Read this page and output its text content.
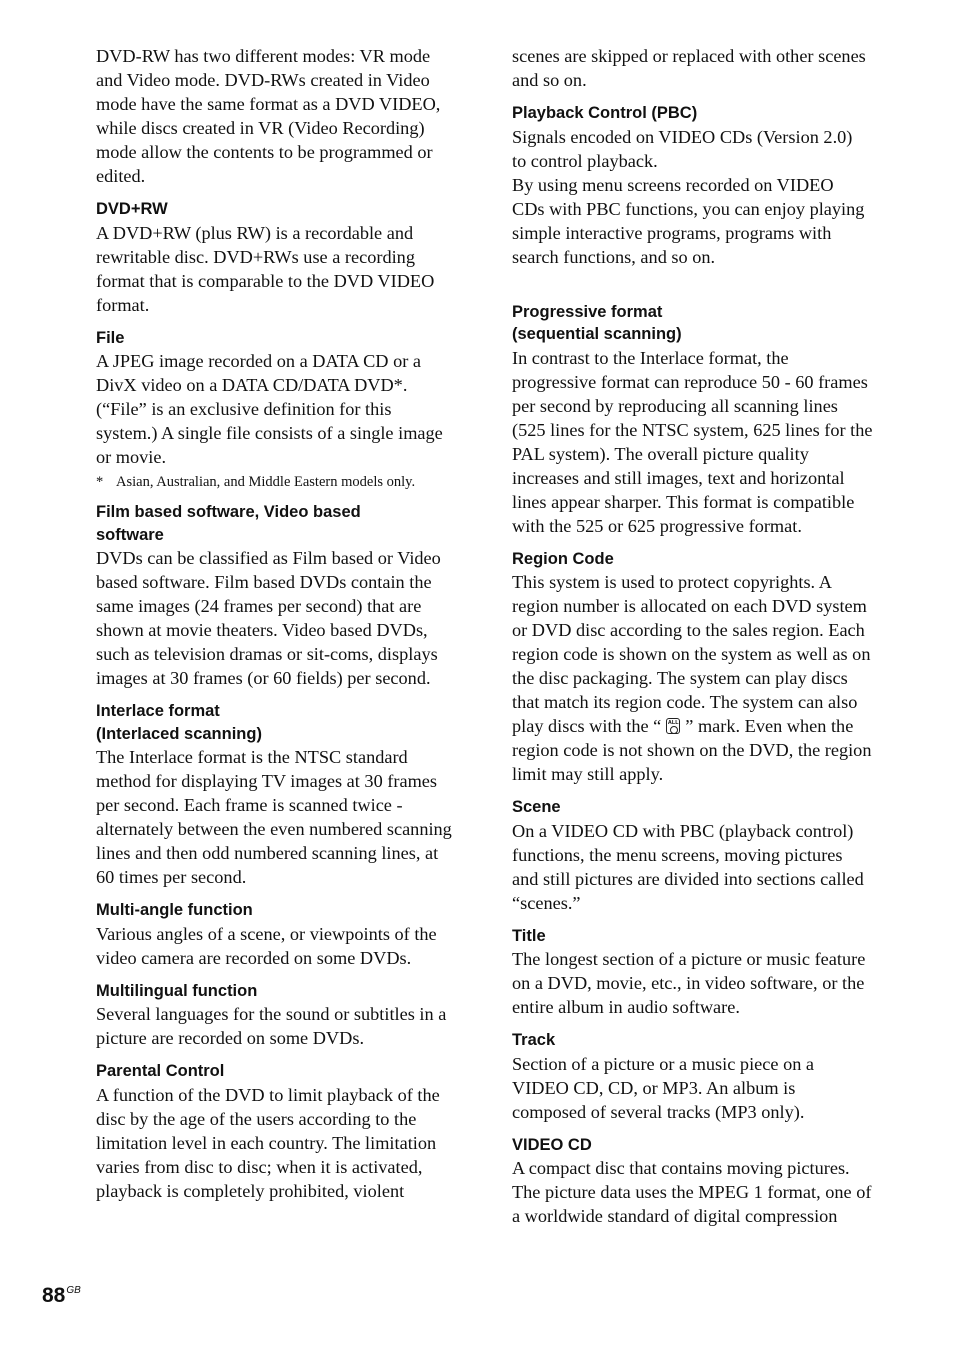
DVD-RW has two different modes: VR mode
and Video mode. DVD-RWs created in Video
mode have the same format as a DVD VIDEO,
while discs created in VR (Video Recording)
mode allow the contents to be programmed or
edited.
DVD+RW
A DVD+RW (plus RW) is a recordable and
rewritable disc. DVD+RWs use a recording
format that is comparable to the DVD VIDEO
format.
File
A JPEG image recorded on a DATA CD or a
DivX video on a DATA CD/DATA DVD*.
(“File” is an exclusive definition for this
system.) A single file consists of a single image
or movie.
* Asian, Australian, and Middle Eastern models only.
Film based software, Video based
software
DVDs can be classified as Film based or Video
based software. Film based DVDs contain the
same images (24 frames per second) that are
shown at movie theaters. Video based DVDs,
such as television dramas or sit-coms, displays
images at 30 frames (or 60 fields) per second.
Interlace format
(Interlaced scanning)
The Interlace format is the NTSC standard
method for displaying TV images at 30 frames
per second. Each frame is scanned twice -
alternately between the even numbered scanning
lines and then odd numbered scanning lines, at
60 times per second.
Multi-angle function
Various angles of a scene, or viewpoints of the
video camera are recorded on some DVDs.
Multilingual function
Several languages for the sound or subtitles in a
picture are recorded on some DVDs.
Parental Control
A function of the DVD to limit playback of the
disc by the age of the users according to the
limitation level in each country. The limitation
varies from disc to disc; when it is activated,
playback is completely prohibited, violent
scenes are skipped or replaced with other scenes
and so on.
Playback Control (PBC)
Signals encoded on VIDEO CDs (Version 2.0)
to control playback.
By using menu screens recorded on VIDEO
CDs with PBC functions, you can enjoy playing
simple interactive programs, programs with
search functions, and so on.
Progressive format
(sequential scanning)
In contrast to the Interlace format, the
progressive format can reproduce 50 - 60 frames
per second by reproducing all scanning lines
(525 lines for the NTSC system, 625 lines for the
PAL system). The overall picture quality
increases and still images, text and horizontal
lines appear sharper. This format is compatible
with the 525 or 625 progressive format.
Region Code
This system is used to protect copyrights. A
region number is allocated on each DVD system
or DVD disc according to the sales region. Each
region code is shown on the system as well as on
the disc packaging. The system can play discs
that match its region code. The system can also
play discs with the “ ALL ” mark. Even when the
region code is not shown on the DVD, the region
limit may still apply.
Scene
On a VIDEO CD with PBC (playback control)
functions, the menu screens, moving pictures
and still pictures are divided into sections called
“scenes.”
Title
The longest section of a picture or music feature
on a DVD, movie, etc., in video software, or the
entire album in audio software.
Track
Section of a picture or a music piece on a
VIDEO CD, CD, or MP3. An album is
composed of several tracks (MP3 only).
VIDEO CD
A compact disc that contains moving pictures.
The picture data uses the MPEG 1 format, one of
a worldwide standard of digital compression
$88^{GB}$
